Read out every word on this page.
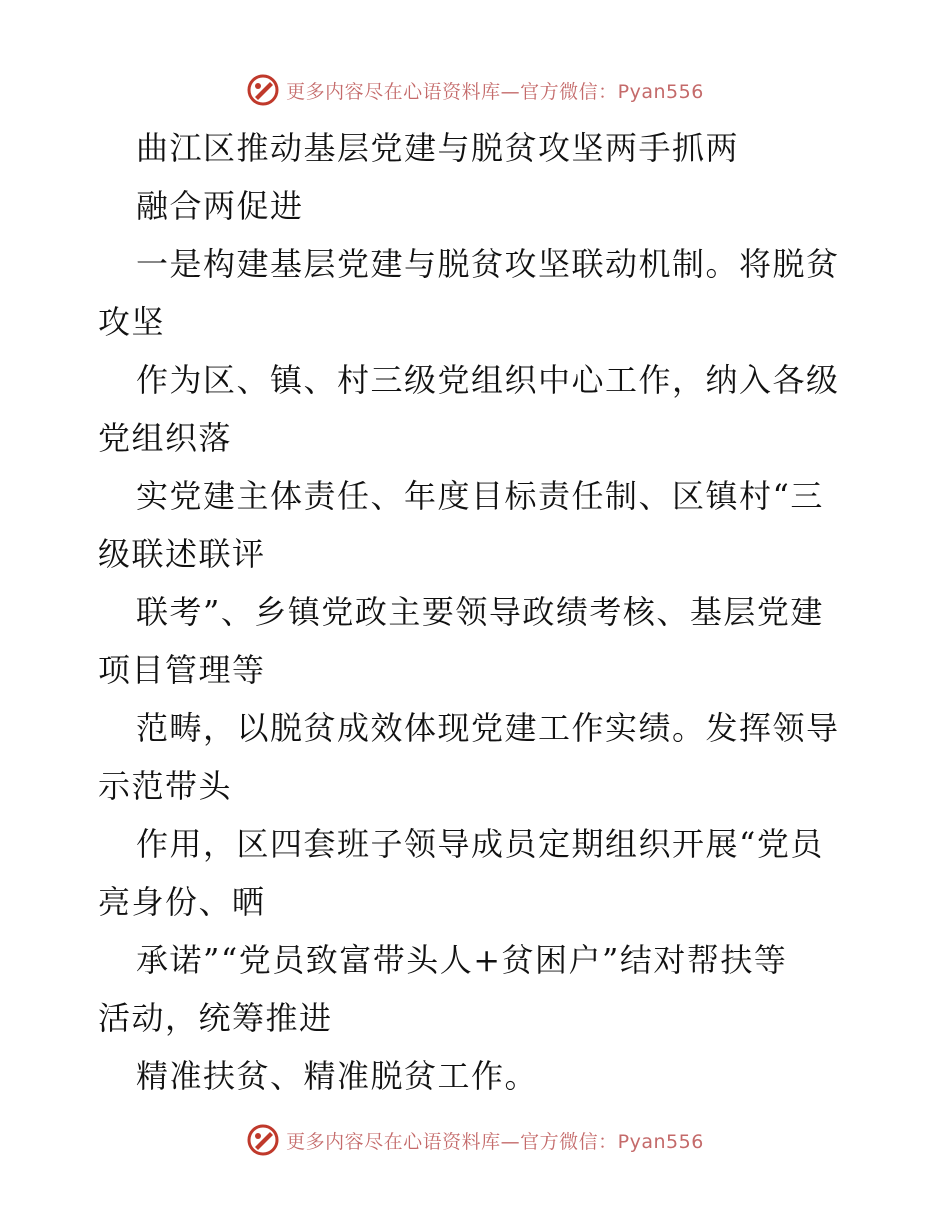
更多内容尽在心语资料库—官方微信：Pyan556
曲江区推动基层党建与脱贫攻坚两手抓两
融合两促进
一是构建基层党建与脱贫攻坚联动机制。将脱贫
攻坚
作为区、镇、村三级党组织中心工作，纳入各级
党组织落
实党建主体责任、年度目标责任制、区镇村“三
级联述联评
联考”、乡镇党政主要领导政绩考核、基层党建
项目管理等
范畴，以脱贫成效体现党建工作实绩。发挥领导
示范带头
作用，区四套班子领导成员定期组织开展“党员
亮身份、晒
承诺”“党员致富带头人+贫困户”结对帮扶等
活动，统筹推进
精准扶贫、精准脱贫工作。
更多内容尽在心语资料库—官方微信：Pyan556
